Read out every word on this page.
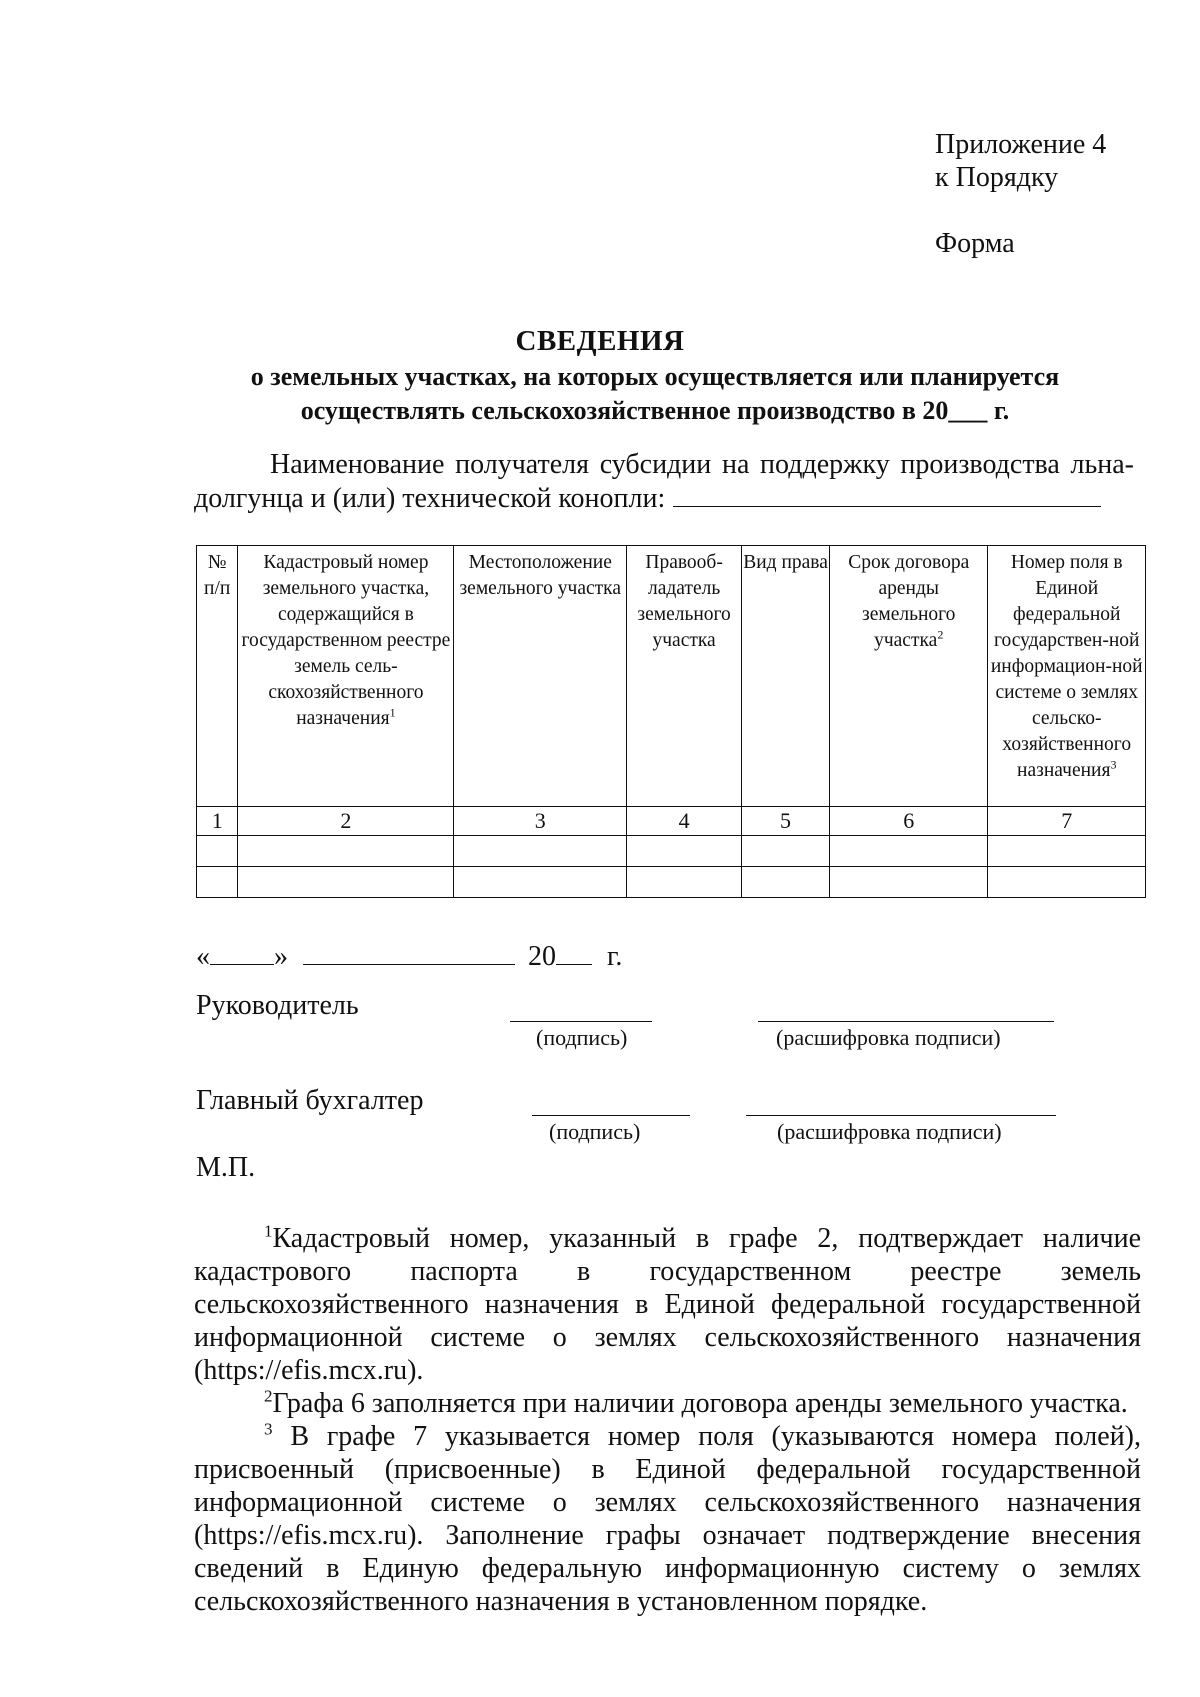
Приложение 4
к Порядку
Форма
СВЕДЕНИЯ
о земельных участках, на которых осуществляется или планируется осуществлять сельскохозяйственное производство в 20___ г.
Наименование получателя субсидии на поддержку производства льна-
долгунца и (или) технической конопли:
№ п/п	Кадастровый номер земельного участка, содержащийся в государственном реестре земель сель-скохозяйственного назначения$^1$	Местоположение земельного участка	Правооб-ладатель земельного участка	Вид права	Срок договора аренды земельного участка$^2$	Номер поля в Единой федеральной государствен-ной информацион-ной системе о землях сельско-хозяйственного назначения$^3$
1	2	3	4	5	6	7

« »	20 г.
Руководитель
(подпись)	(расшифровка подписи)
Главный бухгалтер
(подпись)	(расшифровка подписи)
М.П.

$^1$Кадастровый номер, указанный в графе 2, подтверждает наличие кадастрового паспорта в государственном реестре земель сельскохозяйственного назначения в Единой федеральной государственной информационной системе о землях сельскохозяйственного назначения (https://efis.mcx.ru).

$^2$Графа 6 заполняется при наличии договора аренды земельного участка.

$^3$ В графе 7 указывается номер поля (указываются номера полей), присвоенный (присвоенные) в Единой федеральной государственной информационной системе о землях сельскохозяйственного назначения (https://efis.mcx.ru). Заполнение графы означает подтверждение внесения сведений в Единую федеральную информационную систему о землях сельскохозяйственного назначения в установленном порядке.
